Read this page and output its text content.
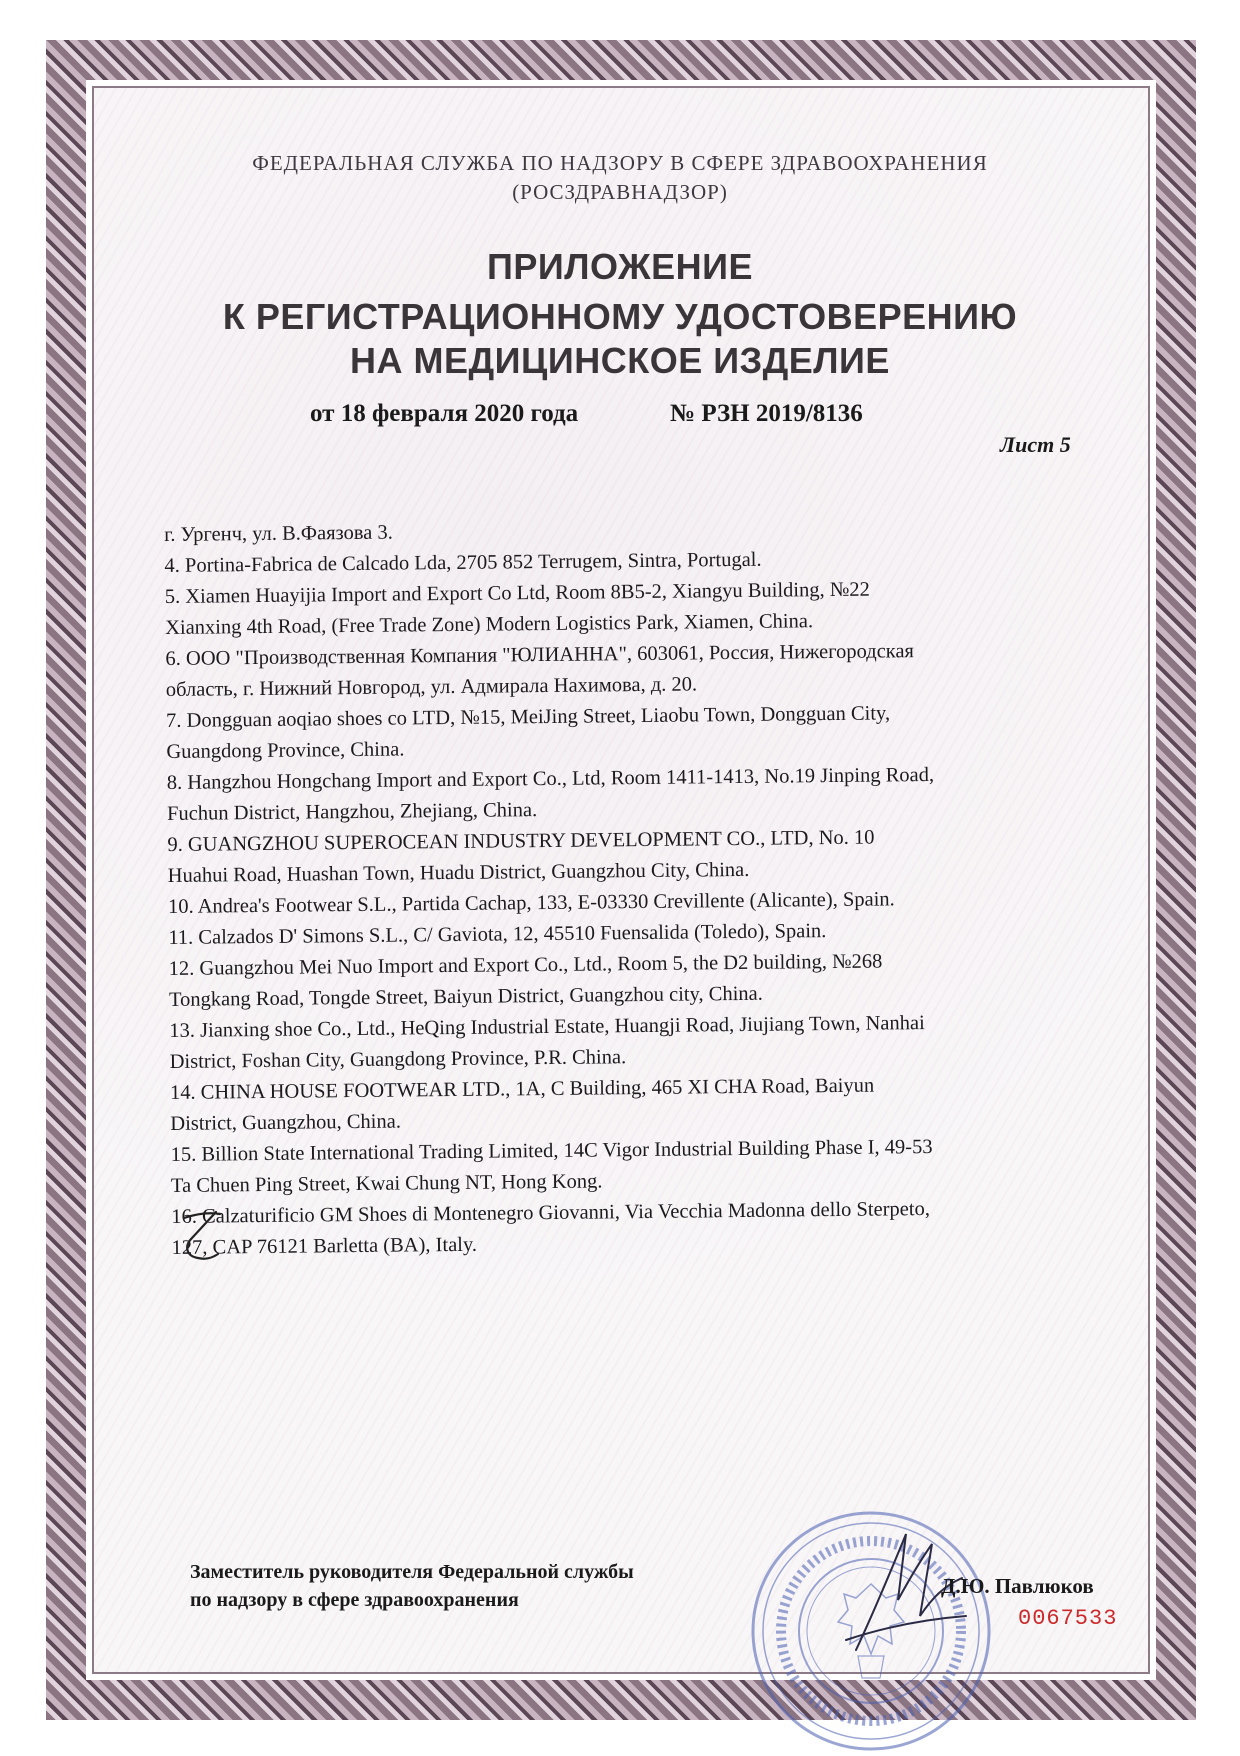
ФЕДЕРАЛЬНАЯ СЛУЖБА ПО НАДЗОРУ В СФЕРЕ ЗДРАВООХРАНЕНИЯ
(РОСЗДРАВНАДЗОР)
ПРИЛОЖЕНИЕ
К РЕГИСТРАЦИОННОМУ УДОСТОВЕРЕНИЮ
НА МЕДИЦИНСКОЕ ИЗДЕЛИЕ
от 18 февраля 2020 года	№ РЗН 2019/8136
Лист 5

г. Ургенч, ул. В.Фаязова 3.

4. Portina-Fabrica de Calcado Lda, 2705 852 Terrugem, Sintra, Portugal.

5. Xiamen Huayijia Import and Export Co Ltd, Room 8B5-2, Xiangyu Building, №22

Xianxing 4th Road, (Free Trade Zone) Modern Logistics Park, Xiamen, China.

6. ООО "Производственная Компания "ЮЛИАННА", 603061, Россия, Нижегородская

область, г. Нижний Новгород, ул. Адмирала Нахимова, д. 20.

7. Dongguan aoqiao shoes co LTD, №15, MeiJing Street, Liaobu Town, Dongguan City,

Guangdong Province, China.

8. Hangzhou Hongchang Import and Export Co., Ltd, Room 1411-1413, No.19 Jinping Road,

Fuchun District, Hangzhou, Zhejiang, China.

9. GUANGZHOU SUPEROCEAN INDUSTRY DEVELOPMENT CO., LTD, No. 10

Huahui Road, Huashan Town, Huadu District, Guangzhou City, China.

10. Andrea's Footwear S.L., Partida Cachap, 133, E-03330 Crevillente (Alicante), Spain.

11. Calzados D' Simons S.L., C/ Gaviota, 12, 45510 Fuensalida (Toledo), Spain.

12. Guangzhou Mei Nuo Import and Export Co., Ltd., Room 5, the D2 building, №268

Tongkang Road, Tongde Street, Baiyun District, Guangzhou city, China.

13. Jianxing shoe Co., Ltd., HeQing Industrial Estate, Huangji Road, Jiujiang Town, Nanhai

District, Foshan City, Guangdong Province, P.R. China.

14. CHINA HOUSE FOOTWEAR LTD., 1A, C Building, 465 XI CHA Road, Baiyun

District, Guangzhou, China.

15. Billion State International Trading Limited, 14C Vigor Industrial Building Phase I, 49-53

Ta Chuen Ping Street, Kwai Chung NT, Hong Kong.

16. Calzaturificio GM Shoes di Montenegro Giovanni, Via Vecchia Madonna dello Sterpeto,

127, CAP 76121 Barletta (BA), Italy.

Заместитель руководителя Федеральной службы
по надзору в сфере здравоохранения
Д.Ю. Павлюков
0067533
